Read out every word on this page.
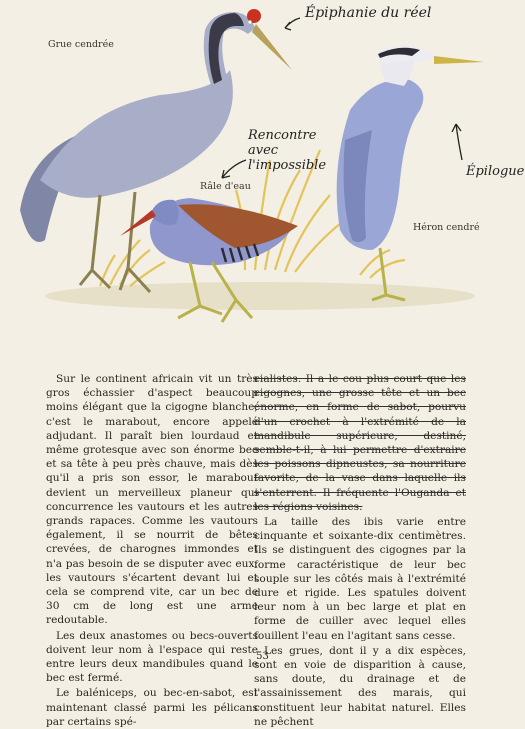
Grue cendrée
Râle d'eau
Héron cendré
Épiphanie du réel
Rencontre avec l'impossible	Épilogue

Sur le continent africain vit un très gros échassier d'aspect beaucoup moins élégant que la cigogne blanche; c'est le marabout, encore appelé adjudant. Il paraît bien lourdaud et même grotesque avec son énorme bec et sa tête à peu près chauve, mais dès qu'il a pris son essor, le marabout devient un merveilleux planeur qui concurrence les vautours et les autres grands rapaces. Comme les vautours également, il se nourrit de bêtes crevées, de charognes immondes et n'a pas besoin de se disputer avec eux: les vautours s'écartent devant lui et cela se comprend vite, car un bec de 30 cm de long est une arme redoutable.

Les deux anastomes ou becs-ouverts doivent leur nom à l'espace qui reste entre leurs deux mandibules quand le bec est fermé.

Le baléniceps, ou bec-en-sabot, est maintenant classé parmi les pélicans par certains spé-

cialistes. Il a le cou plus court que les cigognes, une grosse tête et un bec énorme, en forme de sabot, pourvu d'un crochet à l'extrémité de la mandibule supérieure, destiné, semble-t-il, à lui permettre d'extraire les poissons dipneustes, sa nourriture favorite, de la vase dans laquelle ils s'enterrent. Il fréquente l'Ouganda et les régions voisines.

La taille des ibis varie entre cinquante et soixante-dix centimètres. Ils se distinguent des cigognes par la forme caractéristique de leur bec souple sur les côtés mais à l'extrémité dure et rigide. Les spatules doivent leur nom à un bec large et plat en forme de cuiller avec lequel elles fouillent l'eau en l'agitant sans cesse.

Les grues, dont il y a dix espèces, sont en voie de disparition à cause, sans doute, du drainage et de l'assainissement des marais, qui constituent leur habitat naturel. Elles ne pêchent

53
